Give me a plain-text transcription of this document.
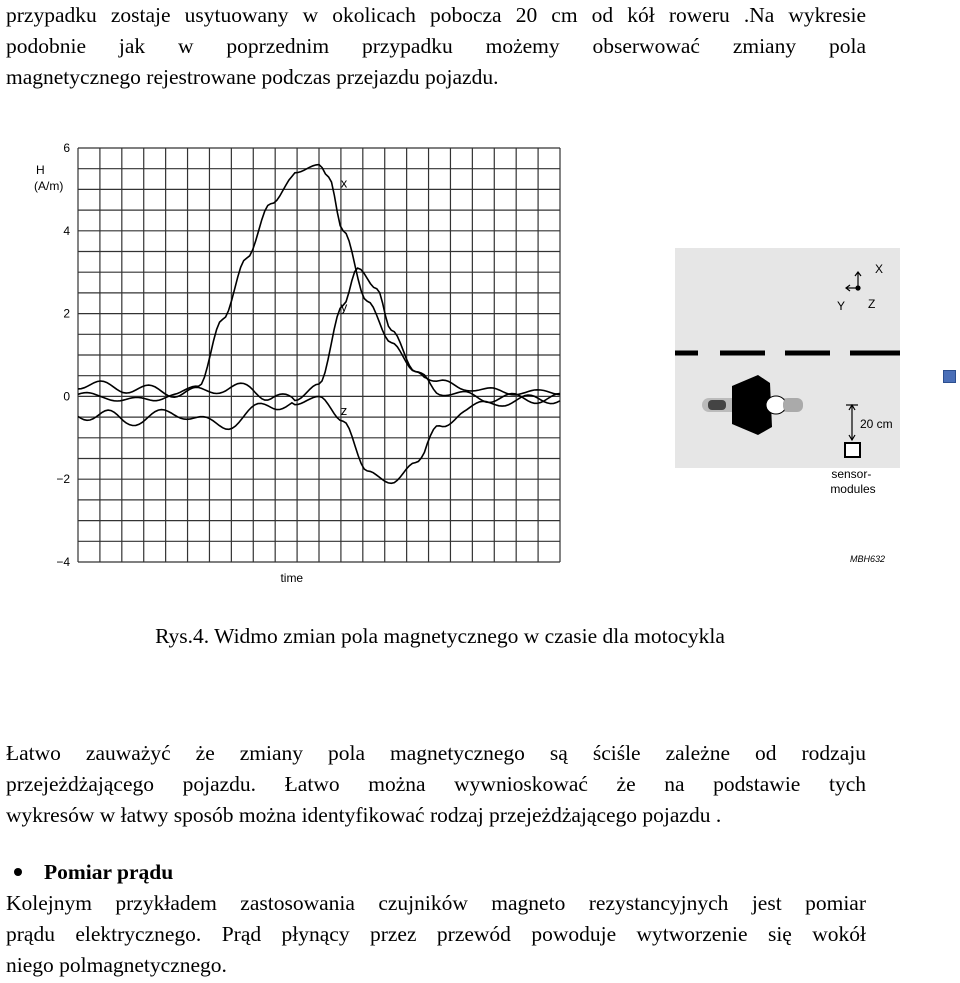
przypadku zostaje usytuowany w okolicach pobocza 20 cm od kół roweru .Na wykresie
podobnie jak w poprzednim przypadku możemy obserwować zmiany pola
magnetycznego rejestrowane podczas przejazdu pojazdu.

6
4
2
0
−2
−4
H
(A/m)
time
x
y
z
X
Y Z
20 cm
sensor- modules
MBH632

Rys.4. Widmo zmian pola magnetycznego w czasie dla motocykla

Łatwo zauważyć że zmiany pola magnetycznego są ściśle zależne od rodzaju
przejeżdżającego pojazdu. Łatwo można wywnioskować że na podstawie tych
wykresów w łatwy sposób można identyfikować rodzaj przejeżdżającego pojazdu .

Pomiar prądu

Kolejnym przykładem zastosowania czujników magneto rezystancyjnych jest pomiar
prądu elektrycznego. Prąd płynący przez przewód powoduje wytworzenie się wokół
niego polmagnetycznego.
